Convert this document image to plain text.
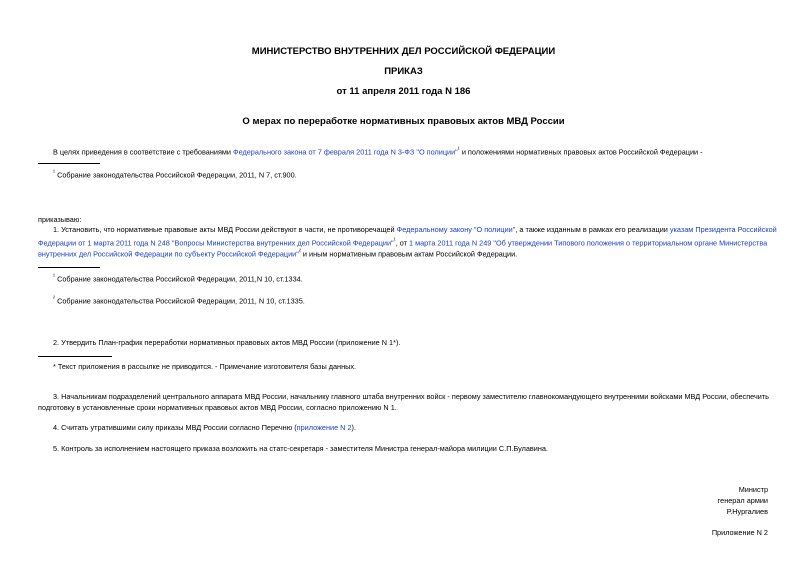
МИНИСТЕРСТВО ВНУТРЕННИХ ДЕЛ РОССИЙСКОЙ ФЕДЕРАЦИИ
ПРИКАЗ
от 11 апреля 2011 года N 186
О мерах по переработке нормативных правовых актов МВД России
В целях приведения в соответствие с требованиями Федерального закона от 7 февраля 2011 года N 3-ФЗ "О полиции"$^{^1}$ и положениями нормативных правовых актов Российской Федерации -
$^{^1}$ Собрание законодательства Российской Федерации, 2011, N 7, ст.900.
приказываю:
1. Установить, что нормативные правовые акты МВД России действуют в части, не противоречащей Федеральному закону "О полиции", а также изданным в рамках его реализации указам Президента Российской
Федерации от 1 марта 2011 года N 248 "Вопросы Министерства внутренних дел Российской Федерации"$^{^1}$, от 1 марта 2011 года N 249 "Об утверждении Типового положения о территориальном органе Министерства
внутренних дел Российской Федерации по субъекту Российской Федерации"$^{^2}$ и иным нормативным правовым актам Российской Федерации.
$^{^1}$ Собрание законодательства Российской Федерации, 2011,N 10, ст.1334.
$^{^2}$ Собрание законодательства Российской Федерации, 2011, N 10, ст.1335.
2. Утвердить План-график переработки нормативных правовых актов МВД России (приложение N 1*).
* Текст приложения в рассылке не приводится. - Примечание изготовителя базы данных.
3. Начальникам подразделений центрального аппарата МВД России, начальнику главного штаба внутренних войск - первому заместителю главнокомандующего внутренними войсками МВД России, обеспечить
подготовку в установленные сроки нормативных правовых актов МВД России, согласно приложению N 1.
4. Считать утратившими силу приказы МВД России согласно Перечню (приложение N 2).
5. Контроль за исполнением настоящего приказа возложить на статс-секретаря - заместителя Министра генерал-майора милиции С.П.Булавина.
Министр
генерал армии
Р.Нургалиев
Приложение N 2
